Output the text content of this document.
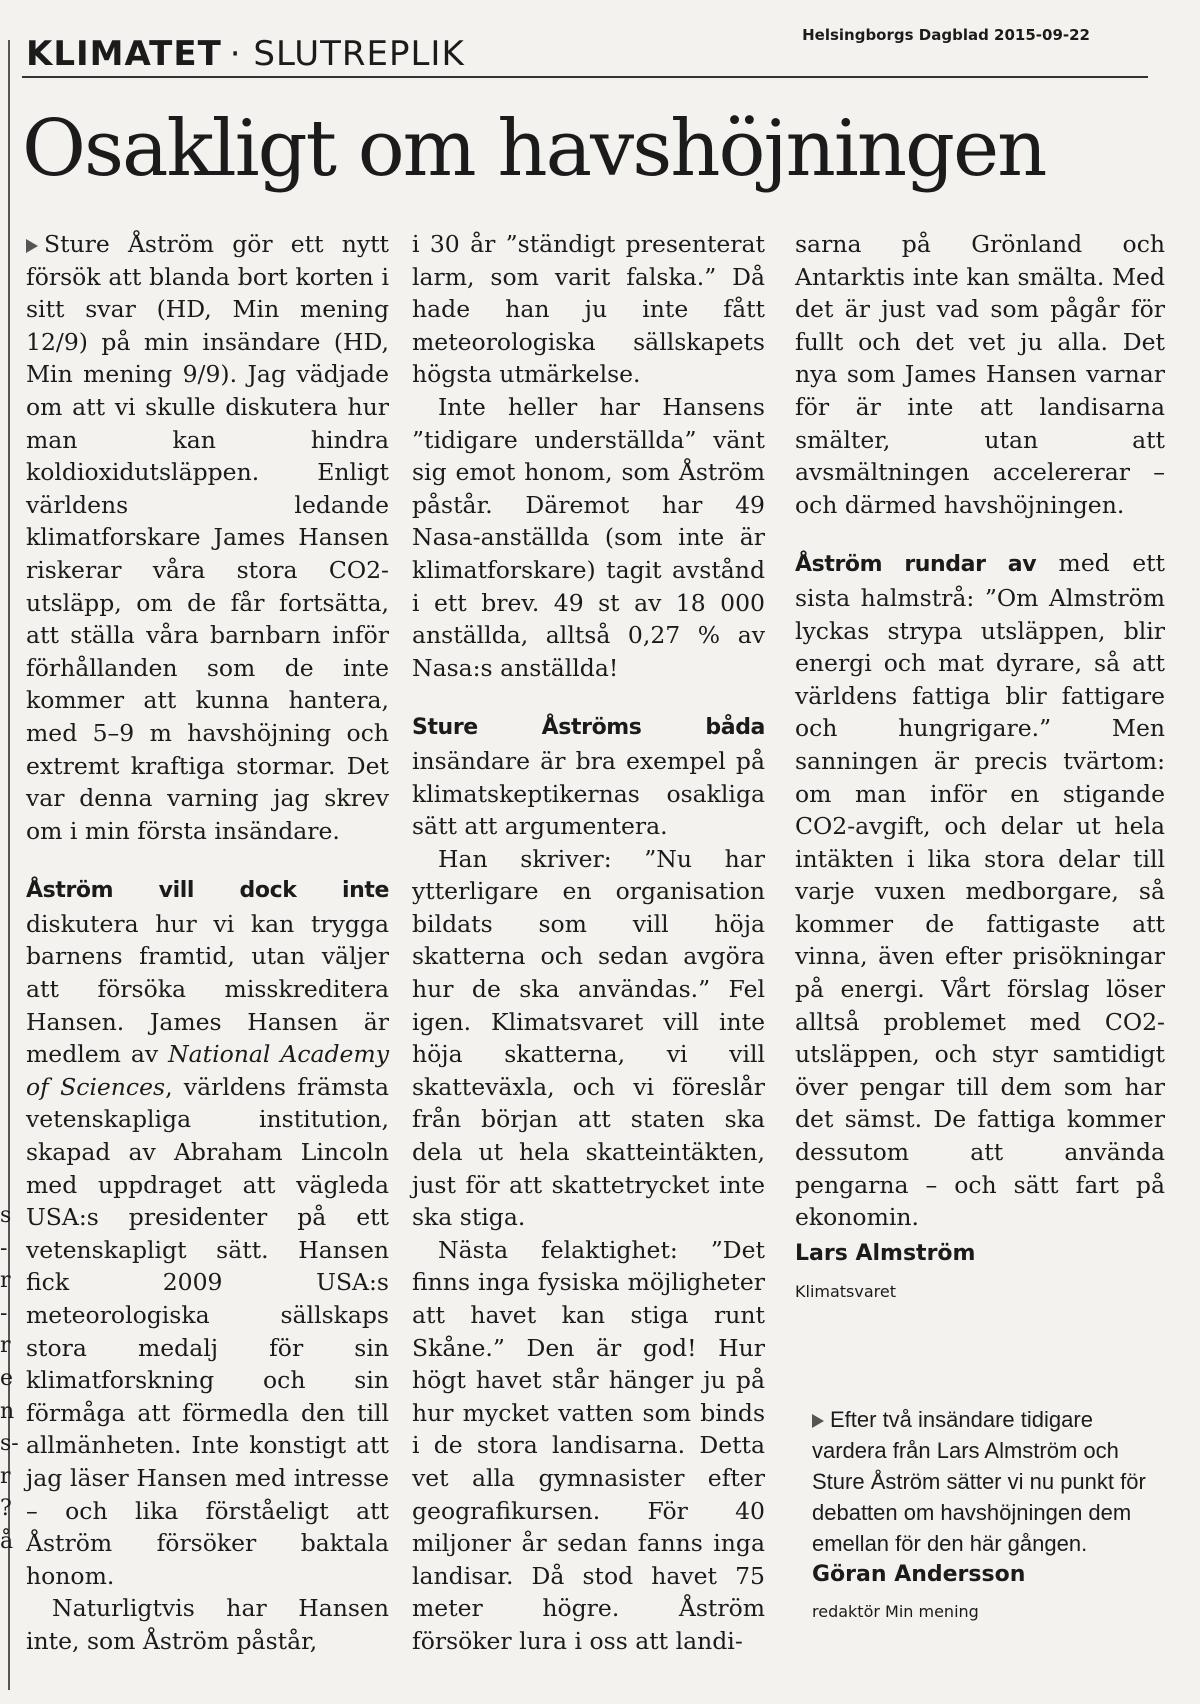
s
-
r
-
r
e
n
s-
r
?
å
Helsingborgs Dagblad 2015-09-22
KLIMATET · SLUTREPLIK
Osakligt om havshöjningen

Sture Åström gör ett nytt försök att blanda bort korten i sitt svar (HD, Min mening 12/9) på min insändare (HD, Min mening 9/9). Jag vädjade om att vi skulle diskutera hur man kan hindra koldioxidutsläppen. Enligt världens ledande klimatforskare James Hansen riskerar våra stora CO2-utsläpp, om de får fortsätta, att ställa våra barnbarn inför förhållanden som de inte kommer att kunna hantera, med 5–9 m havshöjning och extremt kraftiga stormar. Det var denna varning jag skrev om i min första insändare.

Åström vill dock inte diskutera hur vi kan trygga barnens framtid, utan väljer att försöka misskreditera Hansen. James Hansen är medlem av National Academy of Sciences, världens främsta vetenskapliga institution, skapad av Abraham Lincoln med uppdraget att vägleda USA:s presidenter på ett vetenskapligt sätt. Hansen fick 2009 USA:s meteorologiska sällskaps stora medalj för sin klimatforskning och sin förmåga att förmedla den till allmänheten. Inte konstigt att jag läser Hansen med intresse – och lika förståeligt att Åström försöker baktala honom.

Naturligtvis har Hansen inte, som Åström påstår,

i 30 år ”ständigt presenterat larm, som varit falska.” Då hade han ju inte fått meteorologiska sällskapets högsta utmärkelse.

Inte heller har Hansens ”tidigare underställda” vänt sig emot honom, som Åström påstår. Däremot har 49 Nasa-anställda (som inte är klimatforskare) tagit avstånd i ett brev. 49 st av 18 000 anställda, alltså 0,27 % av Nasa:s anställda!

Sture Åströms båda insändare är bra exempel på klimatskeptikernas osakliga sätt att argumentera.

Han skriver: ”Nu har ytterligare en organisation bildats som vill höja skatterna och sedan avgöra hur de ska användas.” Fel igen. Klimatsvaret vill inte höja skatterna, vi vill skatteväxla, och vi föreslår från början att staten ska dela ut hela skatteintäkten, just för att skattetrycket inte ska stiga.

Nästa felaktighet: ”Det finns inga fysiska möjligheter att havet kan stiga runt Skåne.” Den är god! Hur högt havet står hänger ju på hur mycket vatten som binds i de stora landisarna. Detta vet alla gymnasister efter geografikursen. För 40 miljoner år sedan fanns inga landisar. Då stod havet 75 meter högre. Åström försöker lura i oss att landi-

sarna på Grönland och Antarktis inte kan smälta. Med det är just vad som pågår för fullt och det vet ju alla. Det nya som James Hansen varnar för är inte att landisarna smälter, utan att avsmältningen accelererar – och därmed havshöjningen.

Åström rundar av med ett sista halmstrå: ”Om Almström lyckas strypa utsläppen, blir energi och mat dyrare, så att världens fattiga blir fattigare och hungrigare.” Men sanningen är precis tvärtom: om man inför en stigande CO2-avgift, och delar ut hela intäkten i lika stora delar till varje vuxen medborgare, så kommer de fattigaste att vinna, även efter prisökningar på energi. Vårt förslag löser alltså problemet med CO2-utsläppen, och styr samtidigt över pengar till dem som har det sämst. De fattiga kommer dessutom att använda pengarna – och sätt fart på ekonomin.

Lars Almström
Klimatsvaret
Efter två insändare tidigare vardera från Lars Almström och Sture Åström sätter vi nu punkt för debatten om havshöjningen dem emellan för den här gången.
Göran Andersson
redaktör Min mening
